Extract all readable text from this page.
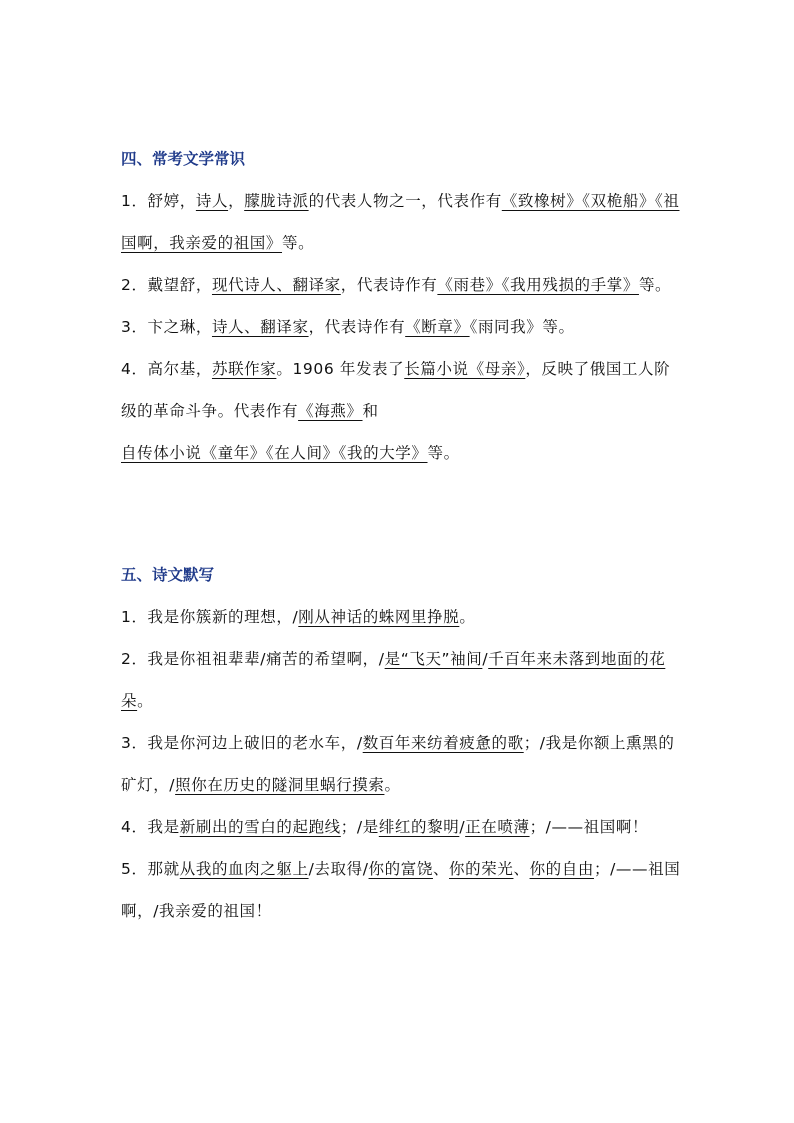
四、常考文学常识

1．舒婷，诗人，朦胧诗派的代表人物之一，代表作有《致橡树》《双桅船》《祖国啊，我亲爱的祖国》等。

2．戴望舒，现代诗人、翻译家，代表诗作有《雨巷》《我用残损的手掌》等。

3．卞之琳，诗人、翻译家，代表诗作有《断章》《雨同我》等。

4．高尔基，苏联作家。1906 年发表了长篇小说《母亲》，反映了俄国工人阶级的革命斗争。代表作有《海燕》和自传体小说《童年》《在人间》《我的大学》等。

五、诗文默写

1．我是你簇新的理想，/刚从神话的蛛网里挣脱。

2．我是你祖祖辈辈/痛苦的希望啊，/是“飞天”袖间/千百年来未落到地面的花朵。

3．我是你河边上破旧的老水车，/数百年来纺着疲惫的歌；/我是你额上熏黑的矿灯，/照你在历史的隧洞里蜗行摸索。

4．我是新刷出的雪白的起跑线；/是绯红的黎明/正在喷薄；/——祖国啊！

5．那就从我的血肉之躯上/去取得/你的富饶、你的荣光、你的自由；/——祖国啊，/我亲爱的祖国！
